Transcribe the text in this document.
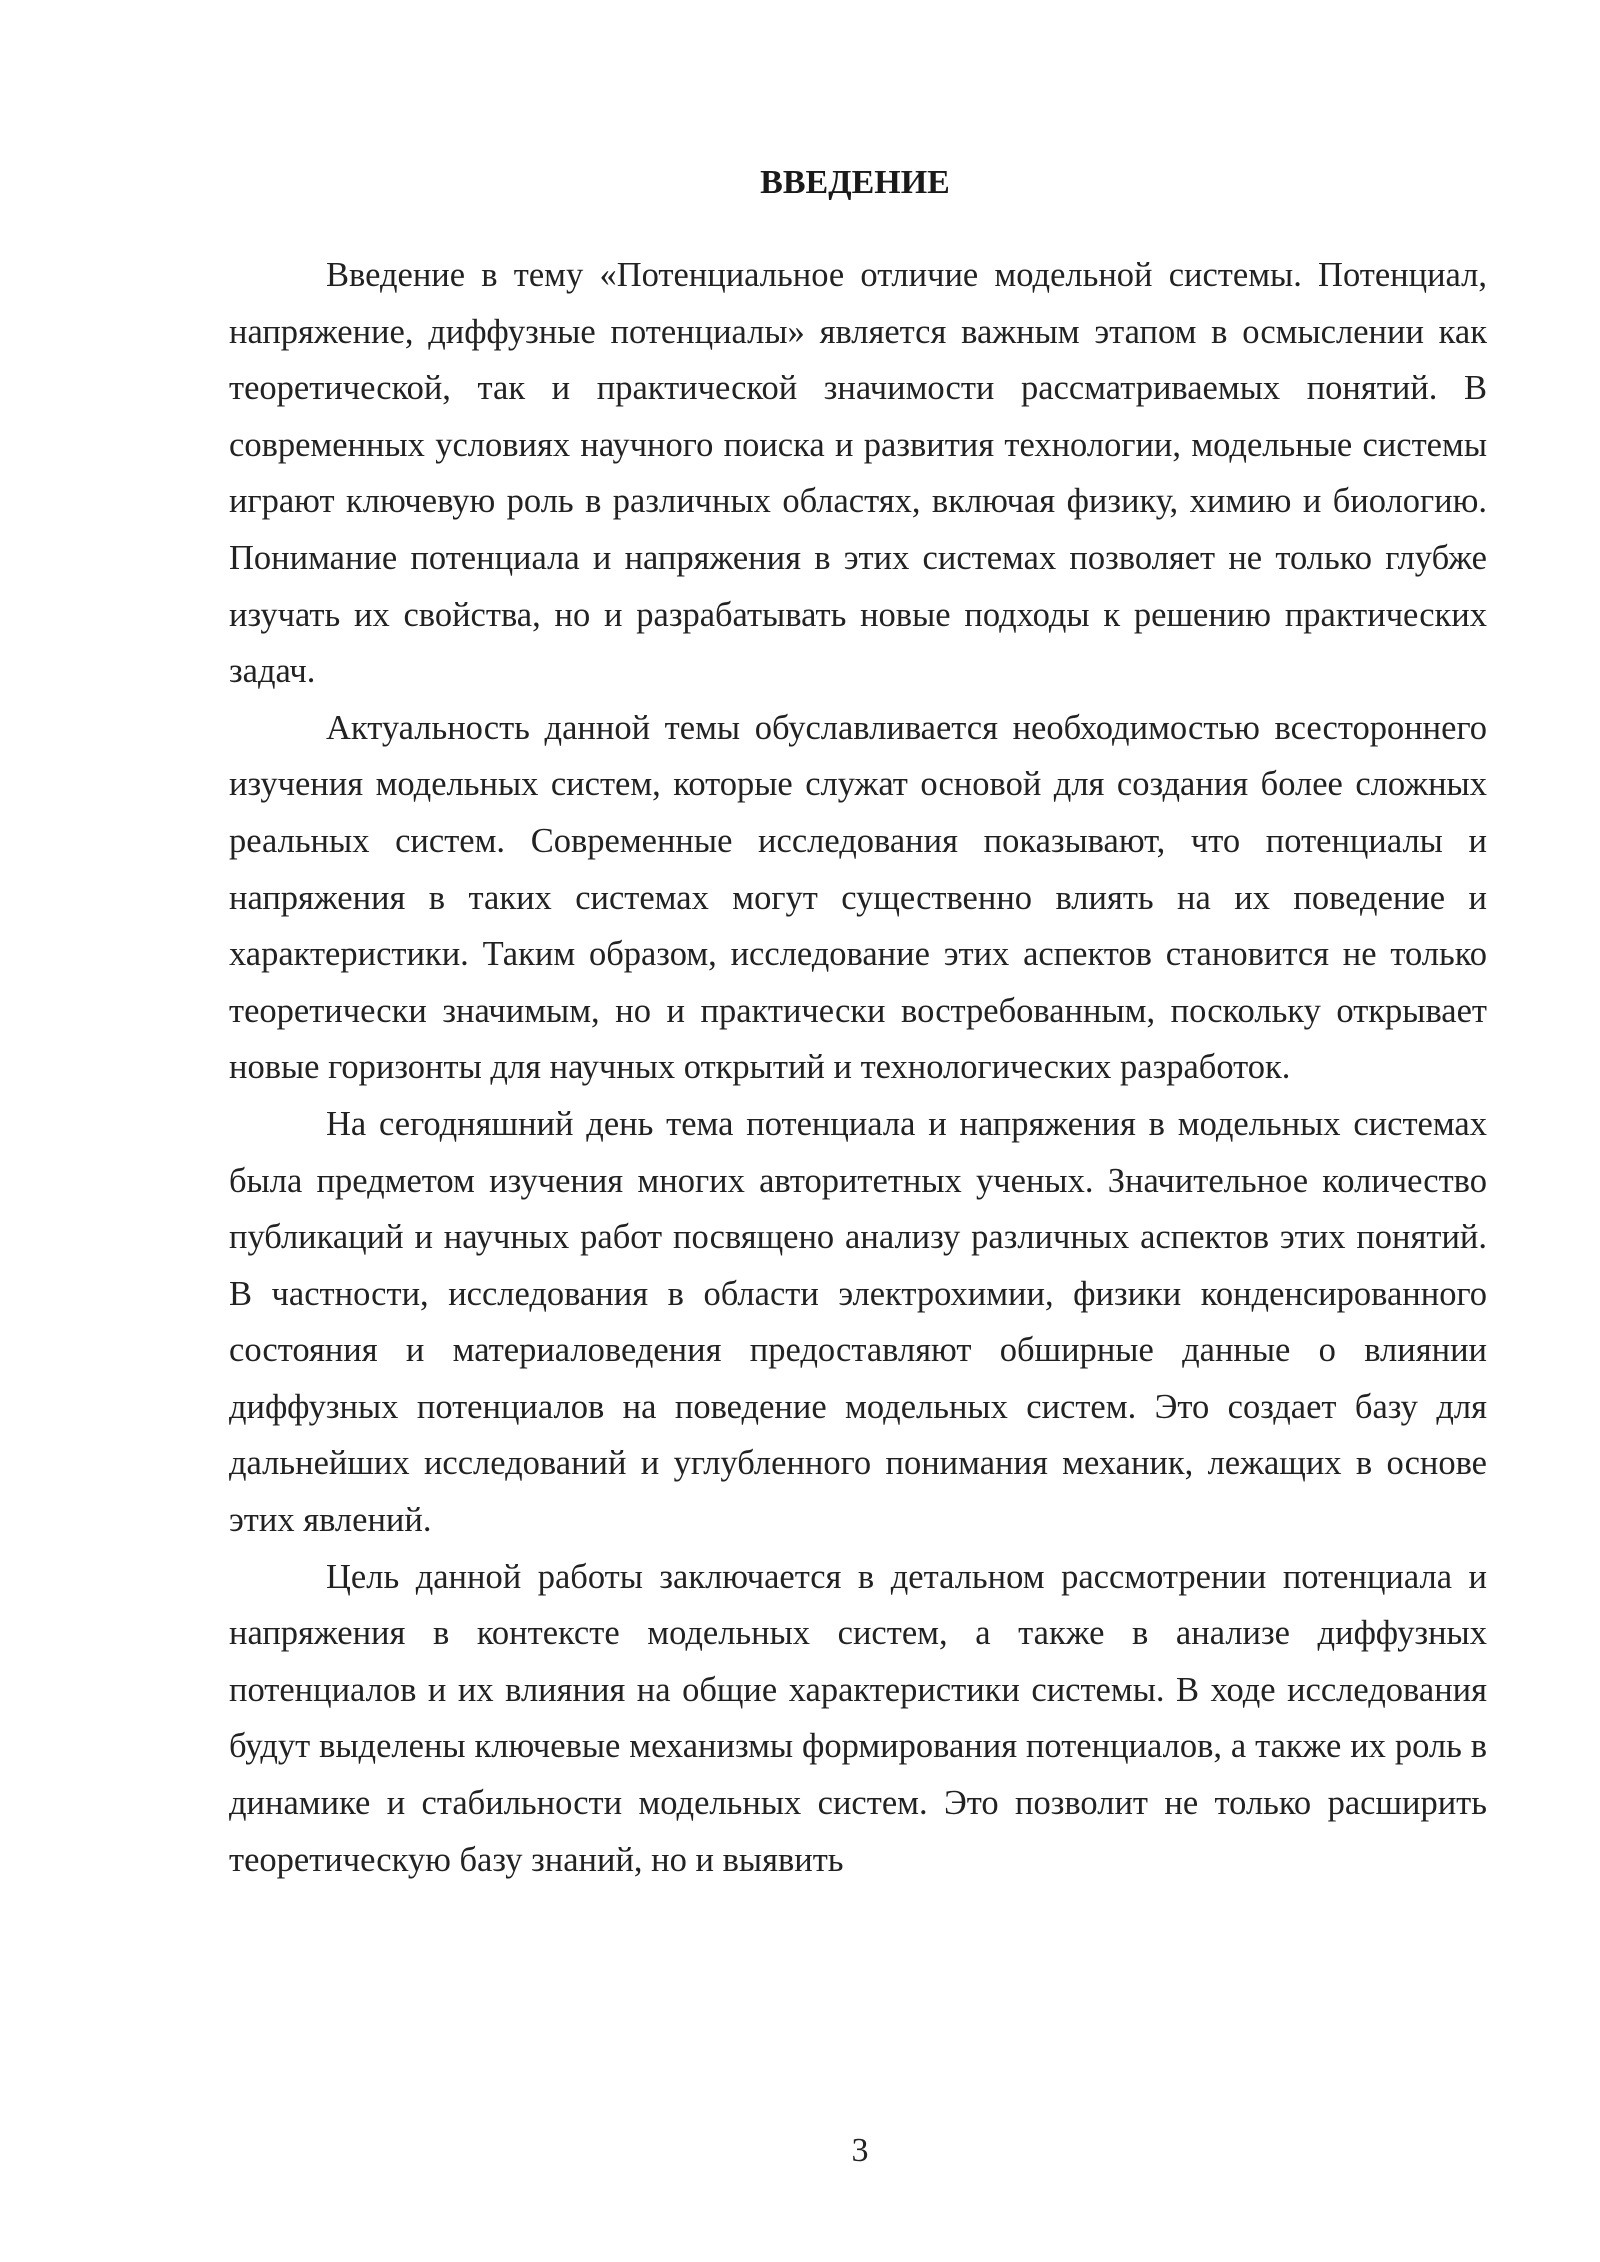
ВВЕДЕНИЕ

Введение в тему «Потенциальное отличие модельной системы. Потенциал, напряжение, диффузные потенциалы» является важным этапом в осмыслении как теоретической, так и практической значимости рассматриваемых понятий. В современных условиях научного поиска и развития технологии, модельные системы играют ключевую роль в различных областях, включая физику, химию и биологию. Понимание потенциала и напряжения в этих системах позволяет не только глубже изучать их свойства, но и разрабатывать новые подходы к решению практических задач.

Актуальность данной темы обуславливается необходимостью всестороннего изучения модельных систем, которые служат основой для создания более сложных реальных систем. Современные исследования показывают, что потенциалы и напряжения в таких системах могут существенно влиять на их поведение и характеристики. Таким образом, исследование этих аспектов становится не только теоретически значимым, но и практически востребованным, поскольку открывает новые горизонты для научных открытий и технологических разработок.

На сегодняшний день тема потенциала и напряжения в модельных системах была предметом изучения многих авторитетных ученых. Значительное количество публикаций и научных работ посвящено анализу различных аспектов этих понятий. В частности, исследования в области электрохимии, физики конденсированного состояния и материаловедения предоставляют обширные данные о влиянии диффузных потенциалов на поведение модельных систем. Это создает базу для дальнейших исследований и углубленного понимания механик, лежащих в основе этих явлений.

Цель данной работы заключается в детальном рассмотрении потенциала и напряжения в контексте модельных систем, а также в анализе диффузных потенциалов и их влияния на общие характеристики системы. В ходе исследования будут выделены ключевые механизмы формирования потенциалов, а также их роль в динамике и стабильности модельных систем. Это позволит не только расширить теоретическую базу знаний, но и выявить

3
